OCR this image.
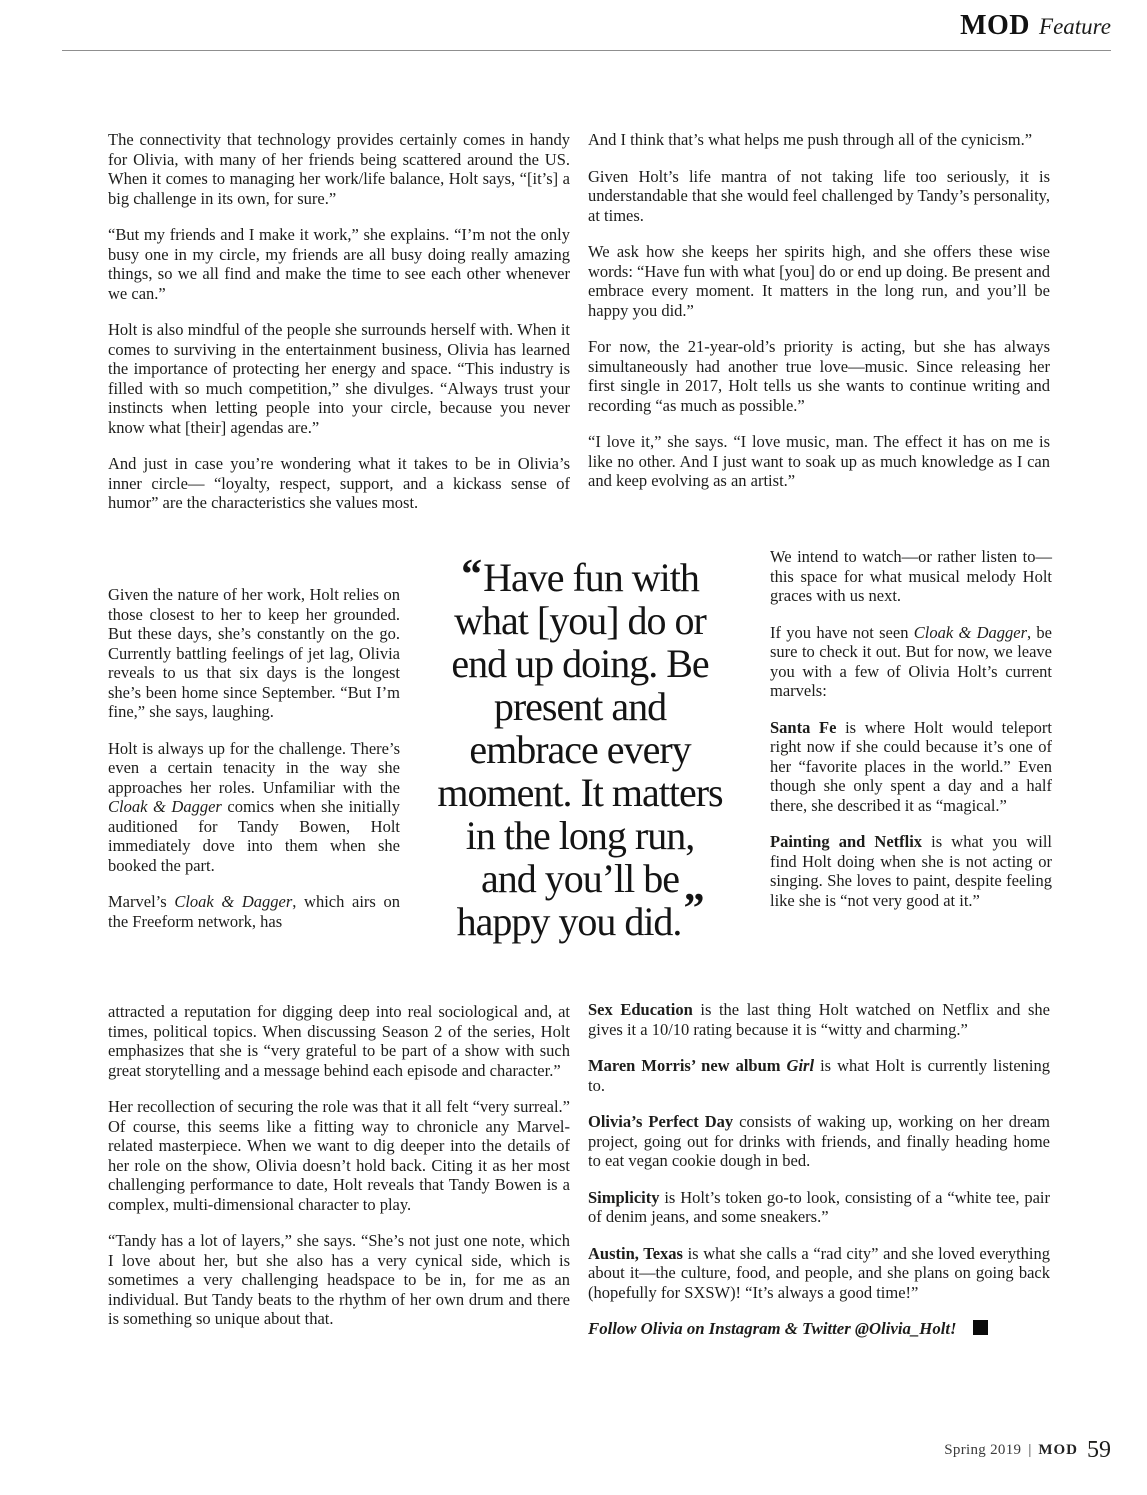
MOD Feature

The connectivity that technology provides certainly comes in handy for Olivia, with many of her friends being scattered around the US. When it comes to managing her work/life balance, Holt says, “[it’s] a big challenge in its own, for sure.”

“But my friends and I make it work,” she explains. “I’m not the only busy one in my circle, my friends are all busy doing really amazing things, so we all find and make the time to see each other whenever we can.”

Holt is also mindful of the people she surrounds herself with. When it comes to surviving in the entertainment business, Olivia has learned the importance of protecting her energy and space. “This industry is filled with so much competition,” she divulges. “Always trust your instincts when letting people into your circle, because you never know what [their] agendas are.”

And just in case you’re wondering what it takes to be in Olivia’s inner circle— “loyalty, respect, support, and a kickass sense of humor” are the characteristics she values most.

Given the nature of her work, Holt relies on those closest to her to keep her grounded. But these days, she’s constantly on the go. Currently battling feelings of jet lag, Olivia reveals to us that six days is the longest she’s been home since September. “But I’m fine,” she says, laughing.

Holt is always up for the challenge. There’s even a certain tenacity in the way she approaches her roles. Unfamiliar with the Cloak & Dagger comics when she initially auditioned for Tandy Bowen, Holt immediately dove into them when she booked the part.

Marvel’s Cloak & Dagger, which airs on the Freeform network, has

attracted a reputation for digging deep into real sociological and, at times, political topics. When discussing Season 2 of the series, Holt emphasizes that she is “very grateful to be part of a show with such great storytelling and a message behind each episode and character.”

Her recollection of securing the role was that it all felt “very surreal.” Of course, this seems like a fitting way to chronicle any Marvel-related masterpiece. When we want to dig deeper into the details of her role on the show, Olivia doesn’t hold back. Citing it as her most challenging performance to date, Holt reveals that Tandy Bowen is a complex, multi-dimensional character to play.

“Tandy has a lot of layers,” she says. “She’s not just one note, which I love about her, but she also has a very cynical side, which is sometimes a very challenging headspace to be in, for me as an individual. But Tandy beats to the rhythm of her own drum and there is something so unique about that.

“Have fun with
what [you] do or
end up doing. Be
present and
embrace every
moment. It matters
in the long run,
and you’ll be
happy you did.”

And I think that’s what helps me push through all of the cynicism.”

Given Holt’s life mantra of not taking life too seriously, it is understandable that she would feel challenged by Tandy’s personality, at times.

We ask how she keeps her spirits high, and she offers these wise words: “Have fun with what [you] do or end up doing. Be present and embrace every moment. It matters in the long run, and you’ll be happy you did.”

For now, the 21-year-old’s priority is acting, but she has always simultaneously had another true love—music. Since releasing her first single in 2017, Holt tells us she wants to continue writing and recording “as much as possible.”

“I love it,” she says. “I love music, man. The effect it has on me is like no other. And I just want to soak up as much knowledge as I can and keep evolving as an artist.”

We intend to watch—or rather listen to—this space for what musical melody Holt graces with us next.

If you have not seen Cloak & Dagger, be sure to check it out. But for now, we leave you with a few of Olivia Holt’s current marvels:

Santa Fe is where Holt would teleport right now if she could because it’s one of her “favorite places in the world.” Even though she only spent a day and a half there, she described it as “magical.”

Painting and Netflix is what you will find Holt doing when she is not acting or singing. She loves to paint, despite feeling like she is “not very good at it.”

Sex Education is the last thing Holt watched on Netflix and she gives it a 10/10 rating because it is “witty and charming.”

Maren Morris’ new album Girl is what Holt is currently listening to.

Olivia’s Perfect Day consists of waking up, working on her dream project, going out for drinks with friends, and finally heading home to eat vegan cookie dough in bed.

Simplicity is Holt’s token go-to look, consisting of a “white tee, pair of denim jeans, and some sneakers.”

Austin, Texas is what she calls a “rad city” and she loved everything about it—the culture, food, and people, and she plans on going back (hopefully for SXSW)! “It’s always a good time!”

Follow Olivia on Instagram & Twitter @Olivia_Holt!
Spring 2019 | MOD 59
